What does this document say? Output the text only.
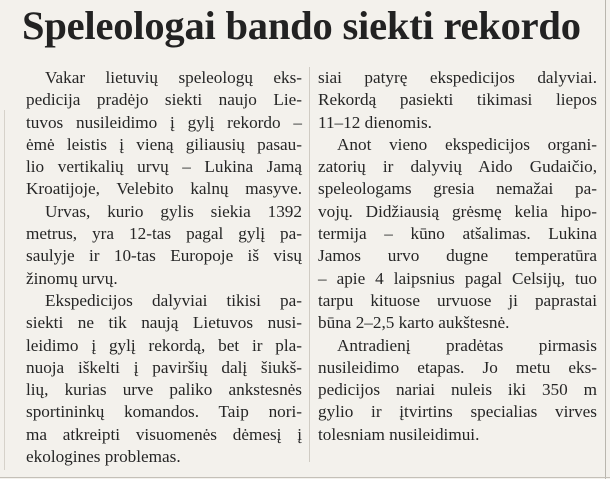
Speleologai bando siekti rekordo

Vakar lietuvių speleologų eks-
pedicija pradėjo siekti naujo Lie-
tuvos nusileidimo į gylį rekordo –
ėmė leistis į vieną giliausių pasau-
lio vertikalių urvų – Lukina Jamą
Kroatijoje, Velebito kalnų masyve.

Urvas, kurio gylis siekia 1392
metrus, yra 12-tas pagal gylį pa-
saulyje ir 10-tas Europoje iš visų
žinomų urvų.

Ekspedicijos dalyviai tikisi pa-
siekti ne tik naują Lietuvos nusi-
leidimo į gylį rekordą, bet ir pla-
nuoja iškelti į paviršių dalį šiukš-
lių, kurias urve paliko ankstesnės
sportininkų komandos. Taip nori-
ma atkreipti visuomenės dėmesį į
ekologines problemas.

siai patyrę ekspedicijos dalyviai.
Rekordą pasiekti tikimasi liepos
11–12 dienomis.

Anot vieno ekspedicijos organi-
zatorių ir dalyvių Aido Gudaičio,
speleologams gresia nemažai pa-
vojų. Didžiausią grėsmę kelia hipo-
termija – kūno atšalimas. Lukina
Jamos urvo dugne temperatūra
– apie 4 laipsnius pagal Celsijų, tuo
tarpu kituose urvuose ji paprastai
būna 2–2,5 karto aukštesnė.

Antradienį pradėtas pirmasis
nusileidimo etapas. Jo metu eks-
pedicijos nariai nuleis iki 350 m
gylio ir įtvirtins specialias virves
tolesniam nusileidimui.
